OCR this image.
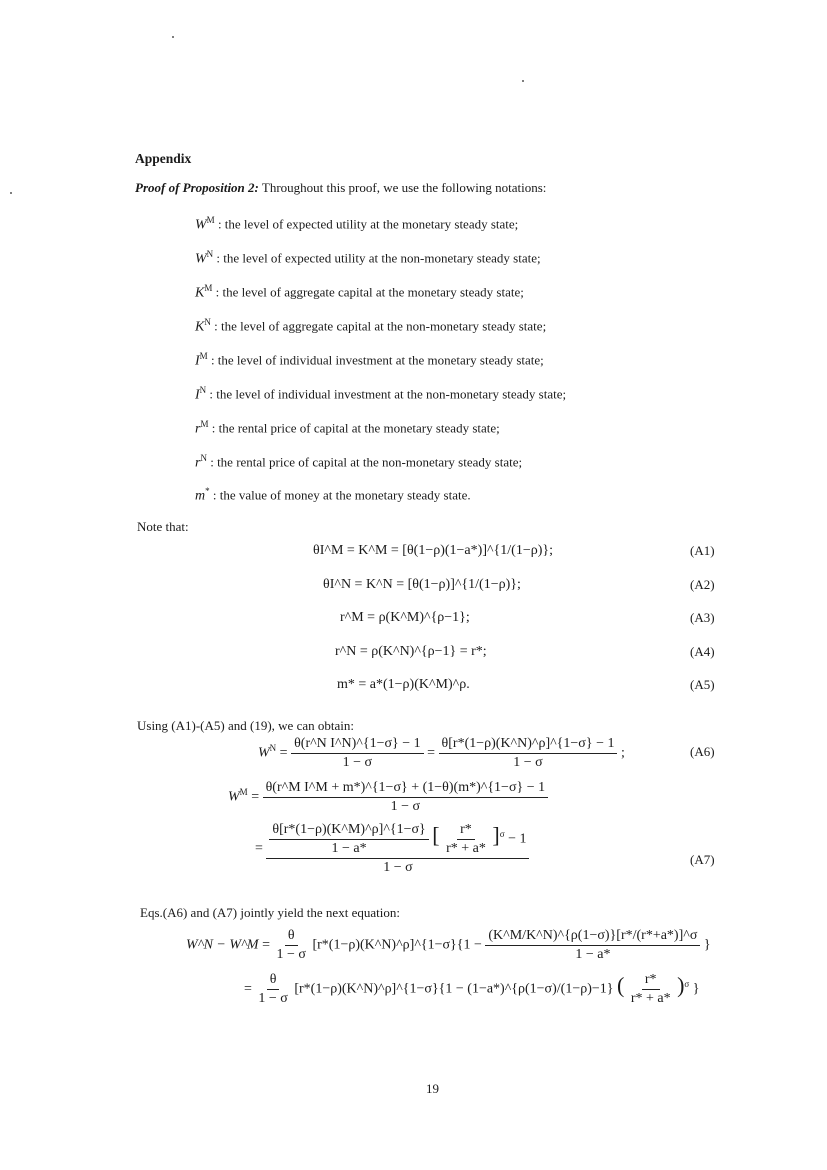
Appendix
Proof of Proposition 2: Throughout this proof, we use the following notations:
$W^M$ : the level of expected utility at the monetary steady state;
$W^N$ : the level of expected utility at the non-monetary steady state;
$K^M$ : the level of aggregate capital at the monetary steady state;
$K^N$ : the level of aggregate capital at the non-monetary steady state;
$I^M$ : the level of individual investment at the monetary steady state;
$I^N$ : the level of individual investment at the non-monetary steady state;
$r^M$ : the rental price of capital at the monetary steady state;
$r^N$ : the rental price of capital at the non-monetary steady state;
m* : the value of money at the monetary steady state.
Note that:
θI^M = K^M = [θ(1−ρ)(1−a*)]^{1/(1−ρ)};	(A1)
θI^N = K^N = [θ(1−ρ)]^{1/(1−ρ)};	(A2)
r^M = ρ(K^M)^{ρ−1};	(A3)
r^N = ρ(K^N)^{ρ−1} = r*;	(A4)
m* = a*(1−ρ)(K^M)^ρ.	(A5)
Using (A1)-(A5) and (19), we can obtain:
$W^N = \frac{\text{θ(r\textasciicircum{}N I\textasciicircum{}N)\textasciicircum{}\{1−σ\} − 1}}{1 - \sigma} = \frac{\theta[r*(1-\rho)(K\^{}N)\^{}\rho]\^{}\{1-\sigma\} - 1}{1 - \sigma}$ ;	(A6)
$W^M = \frac{\text{θ(r\textasciicircum{}M I\textasciicircum{}M + m*)\textasciicircum{}\{1−σ\} + (1−θ)(m*)\textasciicircum{}\{1−σ\} − 1}}{1 - \sigma}$
= $\frac{\theta[r*(1-\rho)(K\^{}M)\^{}\rho]\^{}\{1-\sigma\}}{1 - a*}$ [ $\frac{r*}{r* + a*} ]^\sigma - 1$
1 − σ
(A7)
Eqs.(A6) and (A7) jointly yield the next equation:
W^N − W^M = $\frac{\theta}{1 - \sigma}$ [r*(1−ρ)(K^N)^ρ]^{1−σ}{1 − $\frac{(K\^{}M/K\^{}N)\^{}\{\rho(1-\sigma)\}[r*/(r*+a*)]\^{}\sigma}{1 - a*}$ }
= $\frac{\theta}{1 - \sigma}$ [r*(1−ρ)(K^N)^ρ]^{1−σ}{1 − (1−a*)^{ρ(1−σ)/(1−ρ)−1} ( $\frac{r*}{r* + a*} )^\sigma$ }
19
